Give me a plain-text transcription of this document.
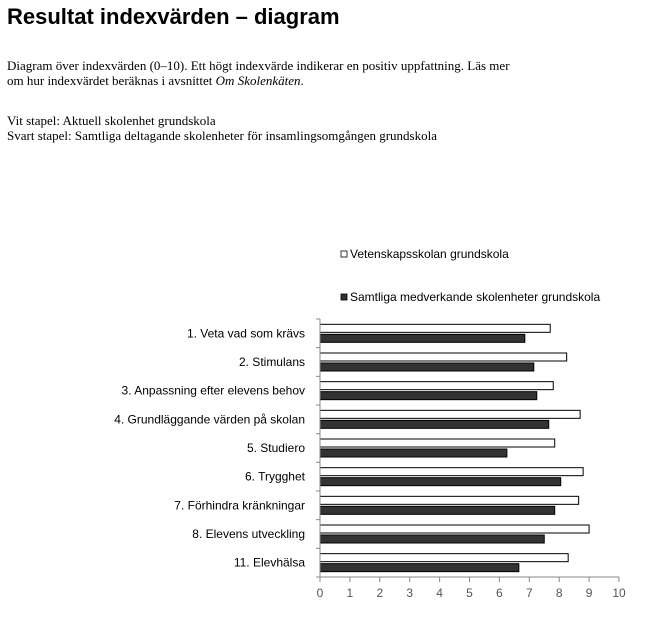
Resultat indexvärden – diagram
Diagram över indexvärden (0–10). Ett högt indexvärde indikerar en positiv uppfattning. Läs mer
om hur indexvärdet beräknas i avsnittet Om Skolenkäten.
Vit stapel: Aktuell skolenhet grundskola
Svart stapel: Samtliga deltagande skolenheter för insamlingsomgången grundskola
Vetenskapsskolan grundskola
Samtliga medverkande skolenheter grundskola
1. Veta vad som krävs
2. Stimulans
3. Anpassning efter elevens behov
4. Grundläggande värden på skolan
5. Studiero
6. Trygghet
7. Förhindra kränkningar
8. Elevens utveckling
11. Elevhälsa
0 1 2 3 4 5 6 7 8 9 10
